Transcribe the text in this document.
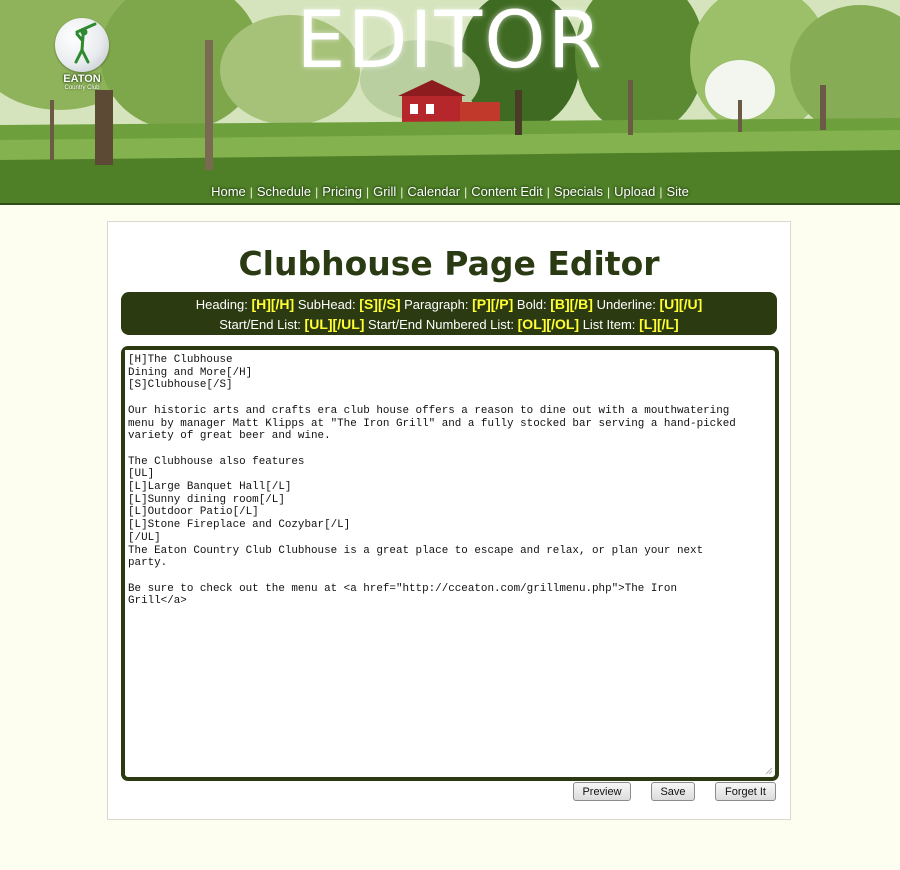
EATON
Country Club
EDITOR
Home | Schedule | Pricing | Grill | Calendar | Content Edit | Specials | Upload | Site
Clubhouse Page Editor
Heading: [H][/H] SubHead: [S][/S] Paragraph: [P][/P] Bold: [B][/B] Underline: [U][/U]
Start/End List: [UL][/UL] Start/End Numbered List: [OL][/OL] List Item: [L][/L]
[H]The Clubhouse Dining and More[/H] [S]Clubhouse[/S] Our historic arts and crafts era club house offers a reason to dine out with a mouthwatering menu by manager Matt Klipps at "The Iron Grill" and a fully stocked bar serving a hand-picked variety of great beer and wine. The Clubhouse also features [UL] [L]Large Banquet Hall[/L] [L]Sunny dining room[/L] [L]Outdoor Patio[/L] [L]Stone Fireplace and Cozybar[/L] [/UL] The Eaton Country Club Clubhouse is a great place to escape and relax, or plan your next party. Be sure to check out the menu at <a href="http://cceaton.com/grillmenu.php">The Iron Grill</a>
Preview	Save	Forget It
